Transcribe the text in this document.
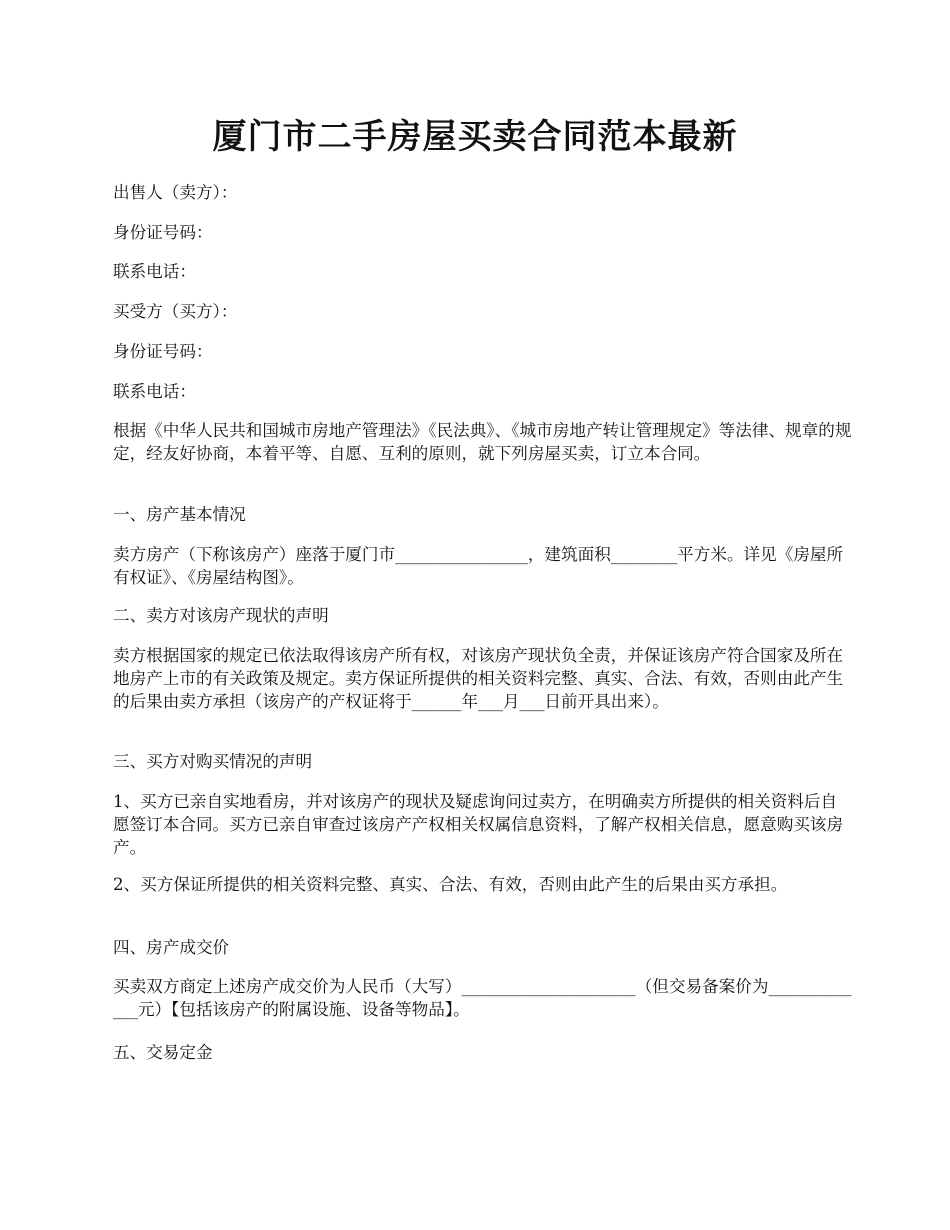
厦门市二手房屋买卖合同范本最新

出售人（卖方）：

身份证号码：

联系电话：

买受方（买方）：

身份证号码：

联系电话：

根据《中华人民共和国城市房地产管理法》《民法典》、《城市房地产转让管理规定》等法律、规章的规定，经友好协商，本着平等、自愿、互利的原则，就下列房屋买卖，订立本合同。

一、房产基本情况

卖方房产（下称该房产）座落于厦门市________________，建筑面积________平方米。详见《房屋所有权证》、《房屋结构图》。

二、卖方对该房产现状的声明

卖方根据国家的规定已依法取得该房产所有权，对该房产现状负全责，并保证该房产符合国家及所在地房产上市的有关政策及规定。卖方保证所提供的相关资料完整、真实、合法、有效，否则由此产生的后果由卖方承担（该房产的产权证将于______年___月___日前开具出来）。

三、买方对购买情况的声明

1、买方已亲自实地看房，并对该房产的现状及疑虑询问过卖方，在明确卖方所提供的相关资料后自愿签订本合同。买方已亲自审查过该房产产权相关权属信息资料，了解产权相关信息，愿意购买该房产。

2、买方保证所提供的相关资料完整、真实、合法、有效，否则由此产生的后果由买方承担。

四、房产成交价

买卖双方商定上述房产成交价为人民币（大写）_____________________（但交易备案价为_____________元）【包括该房产的附属设施、设备等物品】。

五、交易定金
